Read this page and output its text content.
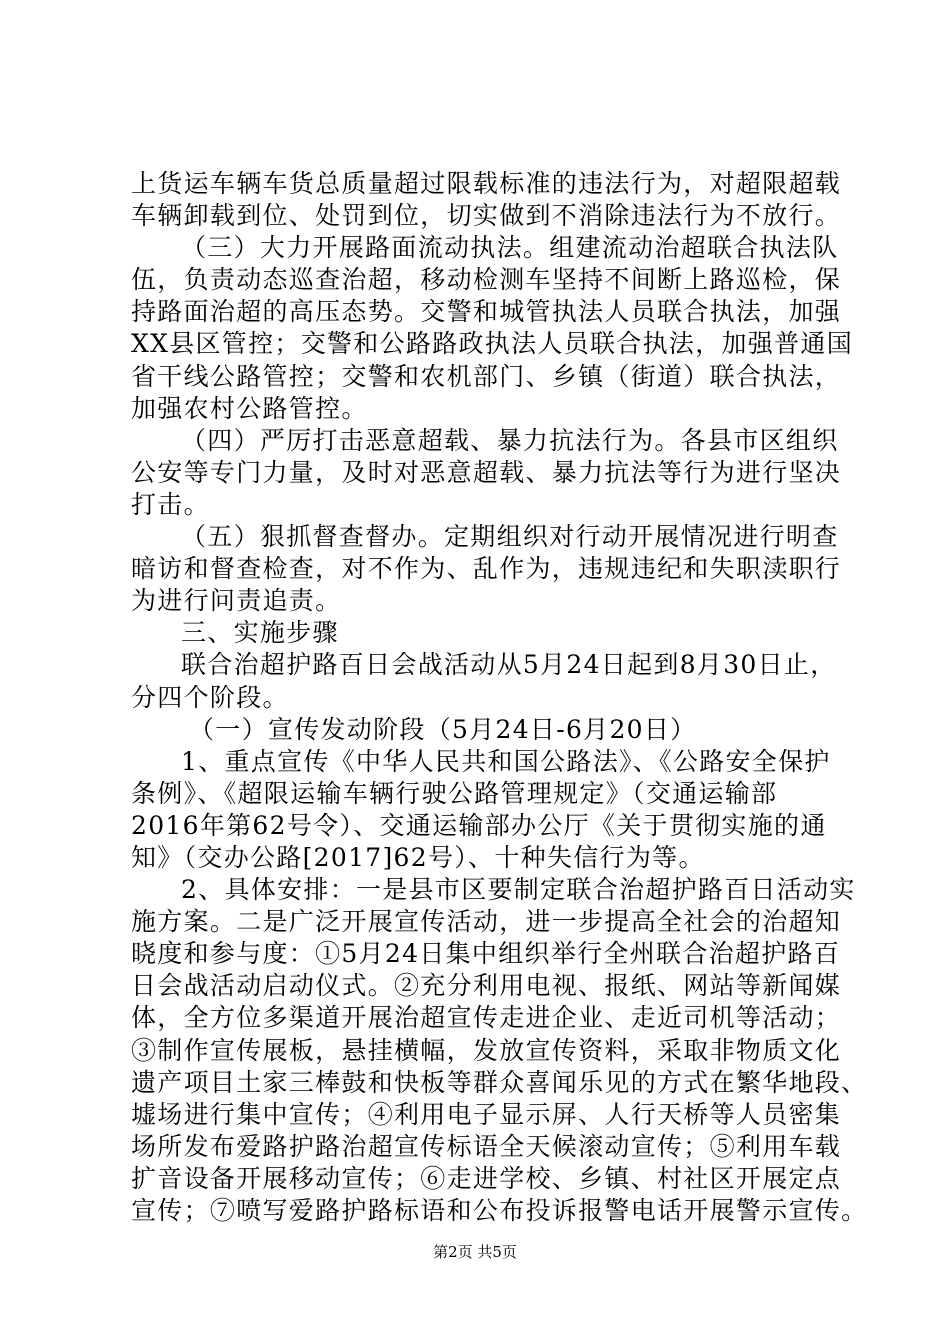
上货运车辆车货总质量超过限载标准的违法行为，对超限超载
车辆卸载到位、处罚到位，切实做到不消除违法行为不放行。
（三）大力开展路面流动执法。组建流动治超联合执法队
伍，负责动态巡查治超，移动检测车坚持不间断上路巡检，保
持路面治超的高压态势。交警和城管执法人员联合执法，加强
XX县区管控；交警和公路路政执法人员联合执法，加强普通国
省干线公路管控；交警和农机部门、乡镇（街道）联合执法，
加强农村公路管控。
（四）严厉打击恶意超载、暴力抗法行为。各县市区组织
公安等专门力量，及时对恶意超载、暴力抗法等行为进行坚决
打击。
（五）狠抓督查督办。定期组织对行动开展情况进行明查
暗访和督查检查，对不作为、乱作为，违规违纪和失职渎职行
为进行问责追责。
三、实施步骤
联合治超护路百日会战活动从5月24日起到8月30日止，
分四个阶段。
（一）宣传发动阶段（5月24日-6月20日）
1、重点宣传《中华人民共和国公路法》、《公路安全保护
条例》、《超限运输车辆行驶公路管理规定》（交通运输部
2016年第62号令）、交通运输部办公厅《关于贯彻实施的通
知》（交办公路[2017]62号）、十种失信行为等。
2、具体安排：一是县市区要制定联合治超护路百日活动实
施方案。二是广泛开展宣传活动，进一步提高全社会的治超知
晓度和参与度：①5月24日集中组织举行全州联合治超护路百
日会战活动启动仪式。②充分利用电视、报纸、网站等新闻媒
体，全方位多渠道开展治超宣传走进企业、走近司机等活动；
③制作宣传展板，悬挂横幅，发放宣传资料，采取非物质文化
遗产项目土家三棒鼓和快板等群众喜闻乐见的方式在繁华地段、
墟场进行集中宣传；④利用电子显示屏、人行天桥等人员密集
场所发布爱路护路治超宣传标语全天候滚动宣传；⑤利用车载
扩音设备开展移动宣传；⑥走进学校、乡镇、村社区开展定点
宣传；⑦喷写爱路护路标语和公布投诉报警电话开展警示宣传。
第2页 共5页
